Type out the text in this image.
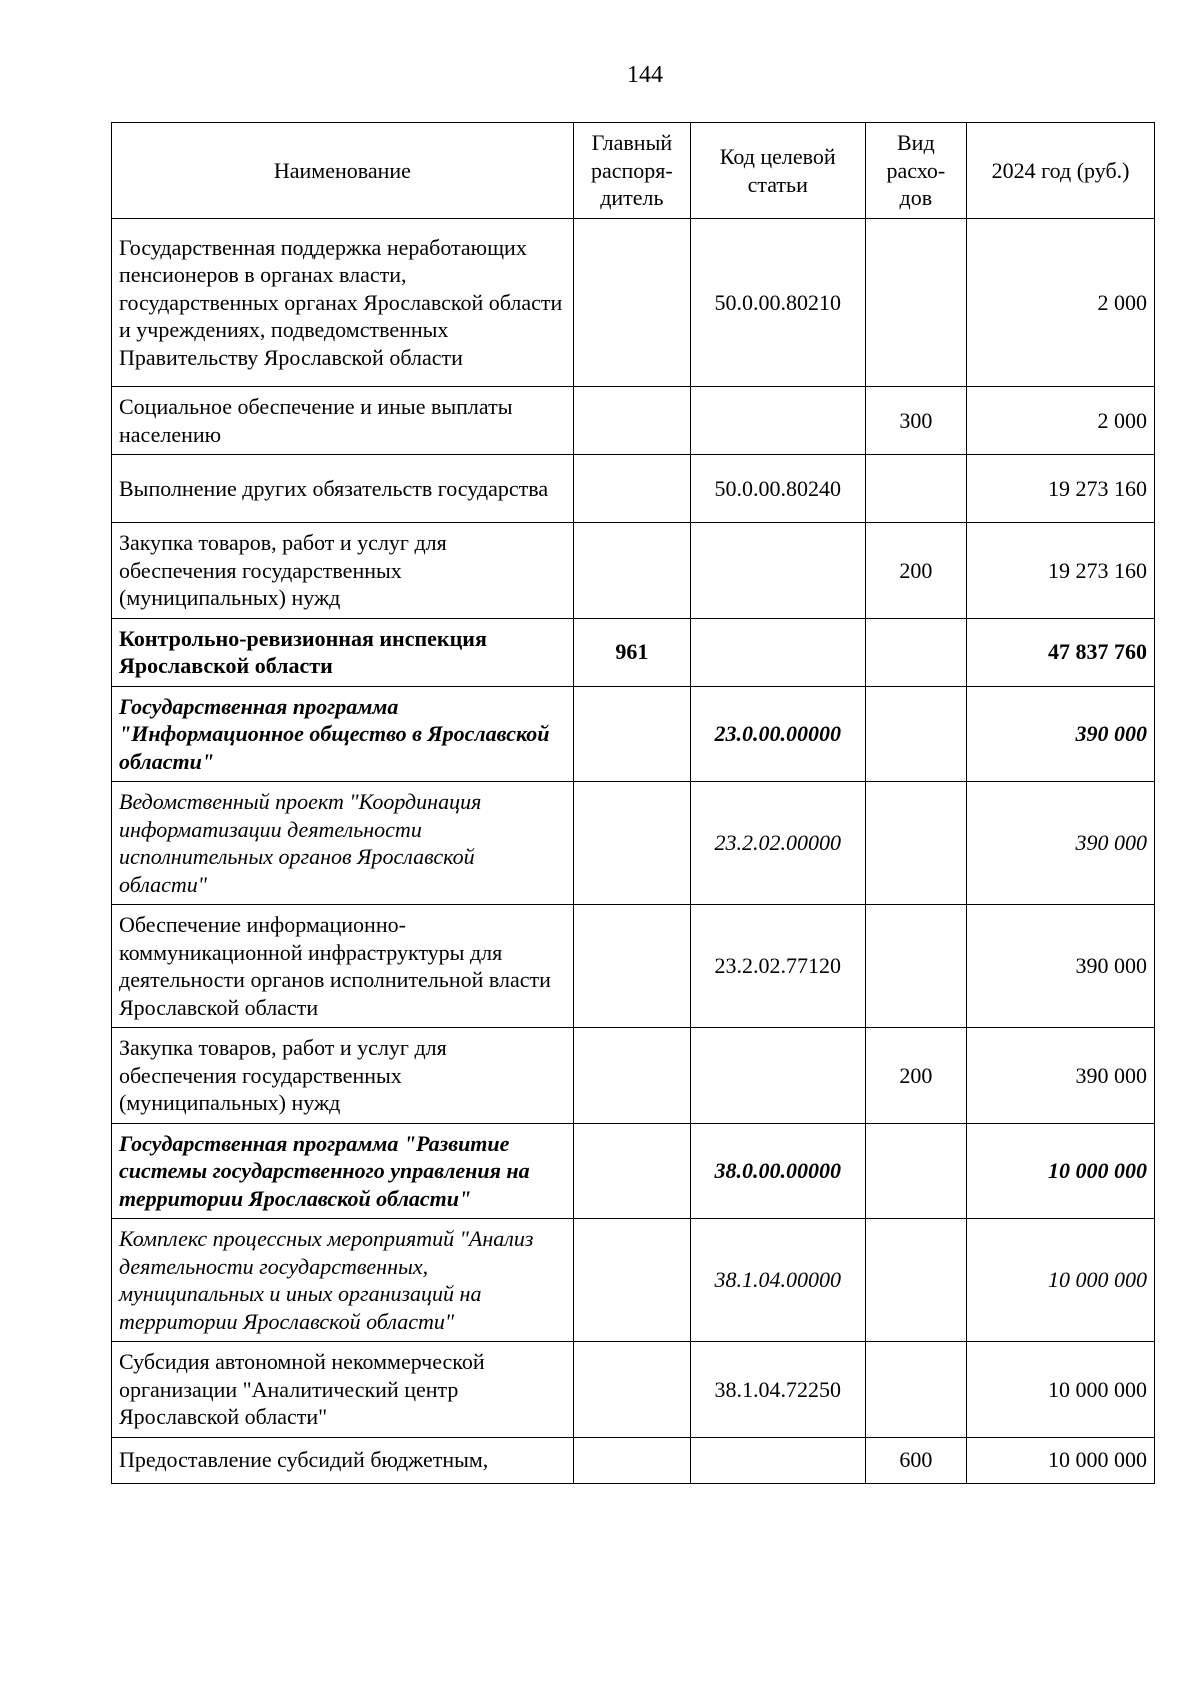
144
Наименование	Главный распоря-дитель	Код целевой статьи	Вид расхо-дов	2024 год (руб.)
Государственная поддержка неработающих пенсионеров в органах власти, государственных органах Ярославской области и учреждениях, подведомственных Правительству Ярославской области		50.0.00.80210		2 000
Социальное обеспечение и иные выплаты населению			300	2 000
Выполнение других обязательств государства		50.0.00.80240		19 273 160
Закупка товаров, работ и услуг для обеспечения государственных (муниципальных) нужд			200	19 273 160
Контрольно-ревизионная инспекция Ярославской области	961			47 837 760
Государственная программа "Информационное общество в Ярославской области"		23.0.00.00000		390 000
Ведомственный проект "Координация информатизации деятельности исполнительных органов Ярославской области"		23.2.02.00000		390 000
Обеспечение информационно-коммуникационной инфраструктуры для деятельности органов исполнительной власти Ярославской области		23.2.02.77120		390 000
Закупка товаров, работ и услуг для обеспечения государственных (муниципальных) нужд			200	390 000
Государственная программа "Развитие системы государственного управления на территории Ярославской области"		38.0.00.00000		10 000 000
Комплекс процессных мероприятий "Анализ деятельности государственных, муниципальных и иных организаций на территории Ярославской области"		38.1.04.00000		10 000 000
Субсидия автономной некоммерческой организации "Аналитический центр Ярославской области"		38.1.04.72250		10 000 000
Предоставление субсидий бюджетным,			600	10 000 000
